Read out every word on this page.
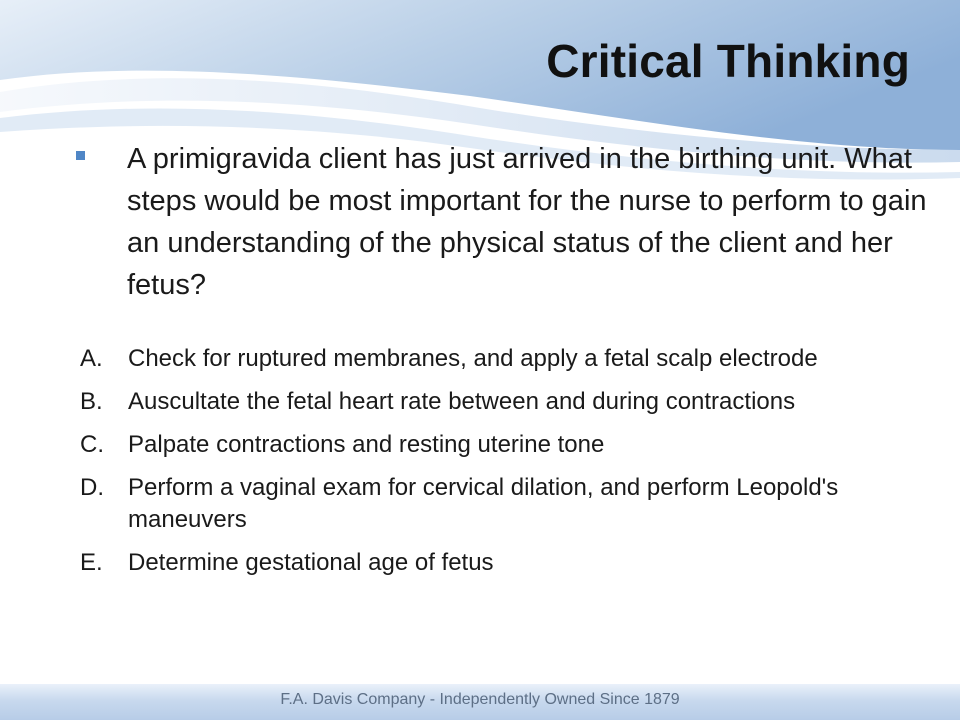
Critical Thinking
A primigravida client has just arrived in the birthing unit. What steps would be most important for the nurse to perform to gain an understanding of the physical status of the client and her fetus?
A. Check for ruptured membranes, and apply a fetal scalp electrode
B. Auscultate the fetal heart rate between and during contractions
C. Palpate contractions and resting uterine tone
D. Perform a vaginal exam for cervical dilation, and perform Leopold's maneuvers
E. Determine gestational age of fetus
F.A. Davis Company - Independently Owned Since 1879
